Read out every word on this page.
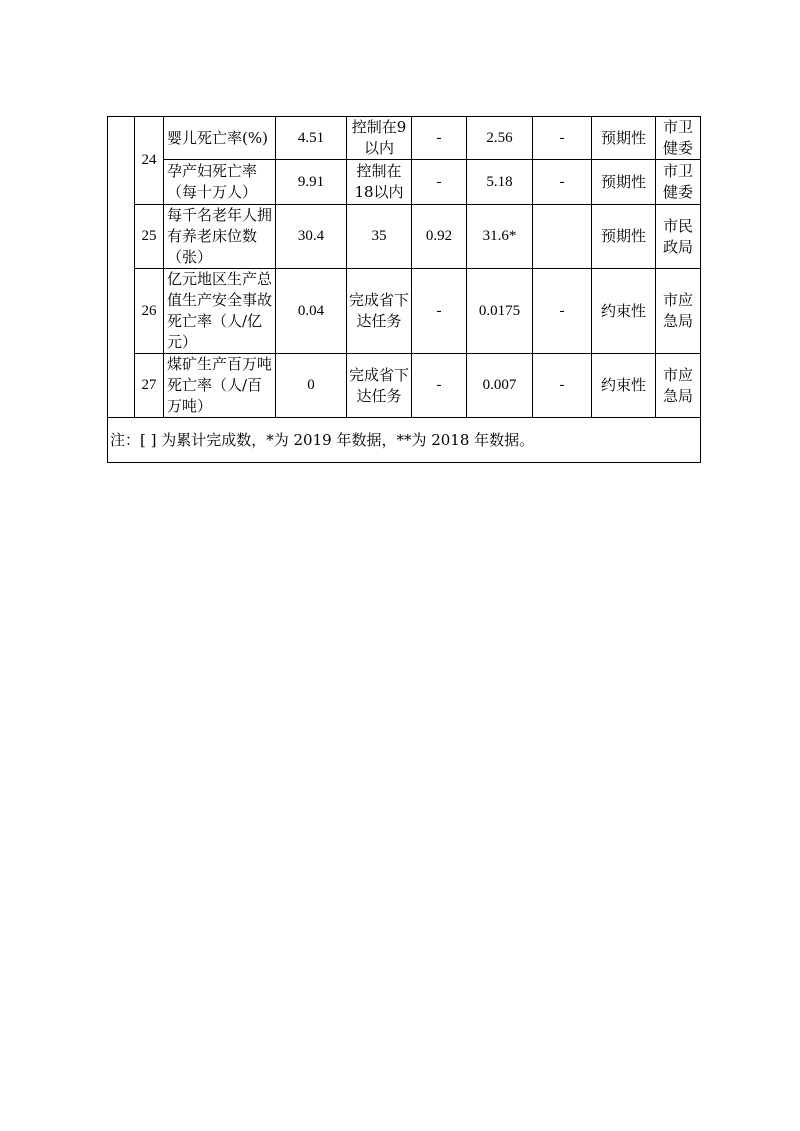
	24	婴儿死亡率(%)	4.51	控制在9以内	-	2.56	-	预期性	市卫健委
		孕产妇死亡率（每十万人）	9.91	控制在18以内	-	5.18	-	预期性	市卫健委
	25	每千名老年人拥有养老床位数（张）	30.4	35	0.92	31.6*		预期性	市民政局
	26	亿元地区生产总值生产安全事故死亡率（人/亿元）	0.04	完成省下达任务	-	0.0175	-	约束性	市应急局
	27	煤矿生产百万吨死亡率（人/百万吨）	0	完成省下达任务	-	0.007	-	约束性	市应急局
注：[ ] 为累计完成数，*为 2019 年数据，**为 2018 年数据。									
